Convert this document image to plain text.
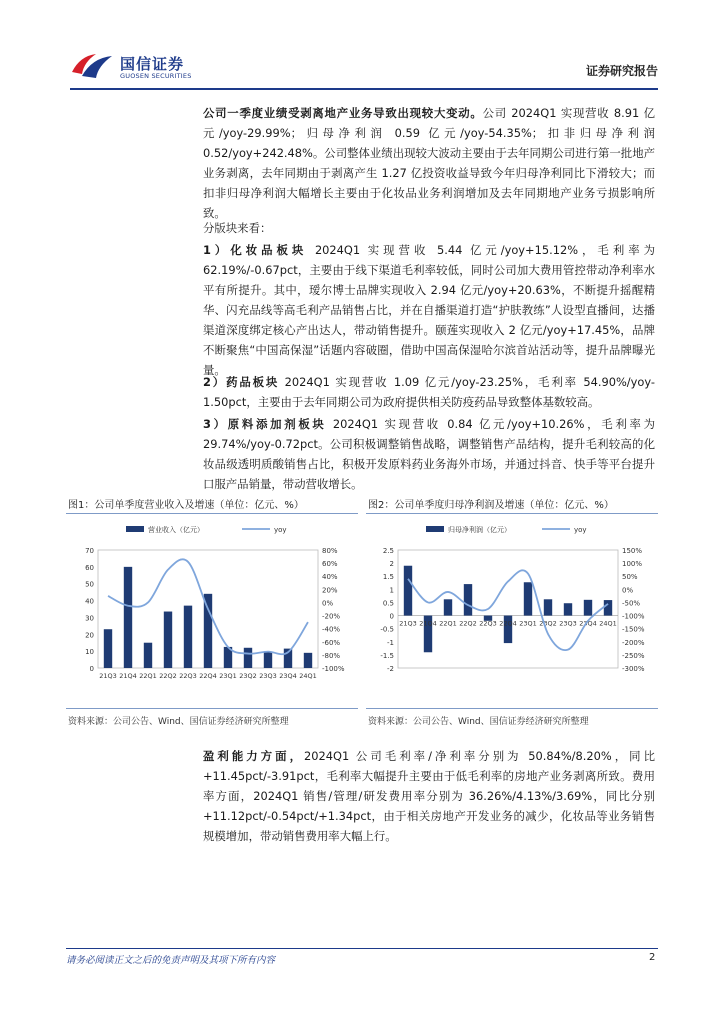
国信证券
GUOSEN SECURITIES	证券研究报告

公司一季度业绩受剥离地产业务导致出现较大变动。公司 2024Q1 实现营收 8.91 亿元/yoy-29.99%；归母净利润 0.59 亿元/yoy-54.35%；扣非归母净利润 0.52/yoy+242.48%。公司整体业绩出现较大波动主要由于去年同期公司进行第一批地产业务剥离，去年同期由于剥离产生 1.27 亿投资收益导致今年归母净利同比下滑较大；而扣非归母净利润大幅增长主要由于化妆品业务利润增加及去年同期地产业务亏损影响所致。

分版块来看：

1）化妆品板块 2024Q1 实现营收 5.44 亿元/yoy+15.12%，毛利率为 62.19%/-0.67pct，主要由于线下渠道毛利率较低，同时公司加大费用管控带动净利率水平有所提升。其中，瑷尔博士品牌实现收入 2.94 亿元/yoy+20.63%，不断提升摇醒精华、闪充品线等高毛利产品销售占比，并在自播渠道打造“护肤教练”人设型直播间，达播渠道深度绑定核心产出达人，带动销售提升。颐莲实现收入 2 亿元/yoy+17.45%，品牌不断聚焦“中国高保湿”话题内容破圈，借助中国高保湿哈尔滨首站活动等，提升品牌曝光量。

2）药品板块 2024Q1 实现营收 1.09 亿元/yoy-23.25%，毛利率 54.90%/yoy-1.50pct，主要由于去年同期公司为政府提供相关防疫药品导致整体基数较高。

3）原料添加剂板块 2024Q1 实现营收 0.84 亿元/yoy+10.26%，毛利率为 29.74%/yoy-0.72pct。公司积极调整销售战略，调整销售产品结构，提升毛利较高的化妆品级透明质酸销售占比，积极开发原料药业务海外市场，并通过抖音、快手等平台提升口服产品销量，带动营收增长。

图1：公司单季度营业收入及增速（单位：亿元、%）
0
10
20
30
40
50
60
70
-100%
-80%
-60%
-40%
-20%
0%
20%
40%
60%
80%
21Q3 21Q4 22Q1 22Q2 22Q3 22Q4 23Q1 23Q2 23Q3 23Q4 24Q1
营业收入（亿元）	yoy
资料来源：公司公告、Wind、国信证券经济研究所整理
图2：公司单季度归母净利润及增速（单位：亿元、%）
-2
-1.5
-1
-0.5
0
0.5
1
1.5
2
2.5
-300%
-250%
-200%
-150%
-100%
-50%
0%
50%
100%
150%
21Q3 21Q4 22Q1 22Q2 22Q3 22Q4 23Q1 23Q2 23Q3 23Q4 24Q1
归母净利润（亿元）	yoy
资料来源：公司公告、Wind、国信证券经济研究所整理

盈利能力方面，2024Q1 公司毛利率/净利率分别为 50.84%/8.20%，同比+11.45pct/-3.91pct，毛利率大幅提升主要由于低毛利率的房地产业务剥离所致。费用率方面，2024Q1 销售/管理/研发费用率分别为 36.26%/4.13%/3.69%，同比分别+11.12pct/-0.54pct/+1.34pct，由于相关房地产开发业务的减少，化妆品等业务销售规模增加，带动销售费用率大幅上行。

请务必阅读正文之后的免责声明及其项下所有内容	2
